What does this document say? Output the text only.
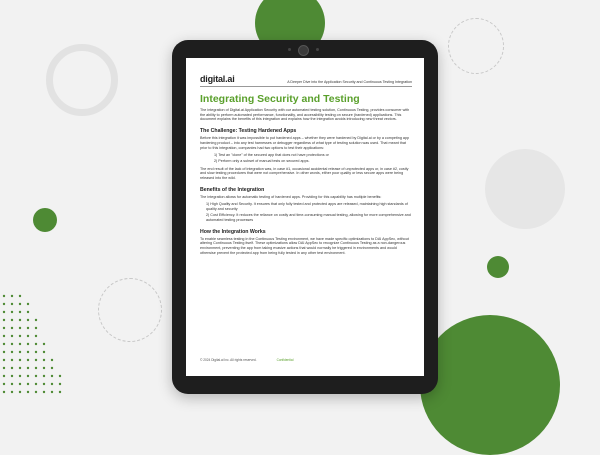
digital.ai	A Deeper Dive into the Application Security and Continuous Testing Integration
Integrating Security and Testing

The integration of Digital.ai Application Security with our automated testing solution, Continuous Testing, provides consumer with the ability to perform automated performance, functionality, and accessibility testing on secure (hardened) applications. This document explains the benefits of this integration and explains how the integration avoids introducing new threat vectors.

The Challenge: Testing Hardened Apps

Before this integration it was impossible to put hardened apps – whether they were hardened by Digital.ai or by a competing app hardening product – into any test harnesses or debugger regardless of what type of testing solution was used. That meant that prior to this integration, companies had two options to test their applications:

1) Test an "clone" of the secured app that does not have protections or

2) Perform only a subset of manual tests on secured apps.

The end result of the lack of integration was, in case #1, occasional accidental release of unprotected apps or, in case #2, costly and slow testing procedures that were not comprehensive. In other words, either poor quality or less secure apps were being released into the wild.

Benefits of the Integration

The integration allows for automatic testing of hardened apps. Providing for this capability has multiple benefits:

1) High Quality and Security. It ensures that only fully tested and protected apps are released, maintaining high standards of quality and security

2) Cost Efficiency. It reduces the reliance on costly and time-consuming manual testing, allowing for more comprehensive and automated testing processes

How the Integration Works

To enable seamless testing in the Continuous Testing environment, we have made specific optimizations to DAI AppSec, without altering Continuous Testing itself. These optimizations allow DAI AppSec to recognize Continuous Testing as a non-dangerous environment, preventing the app from taking evasive actions that would normally be triggered in environments and would otherwise prevent the protected app from being fully tested in any other test environment.

© 2024 Digital.ai Inc. All rights reserved.	Confidential
